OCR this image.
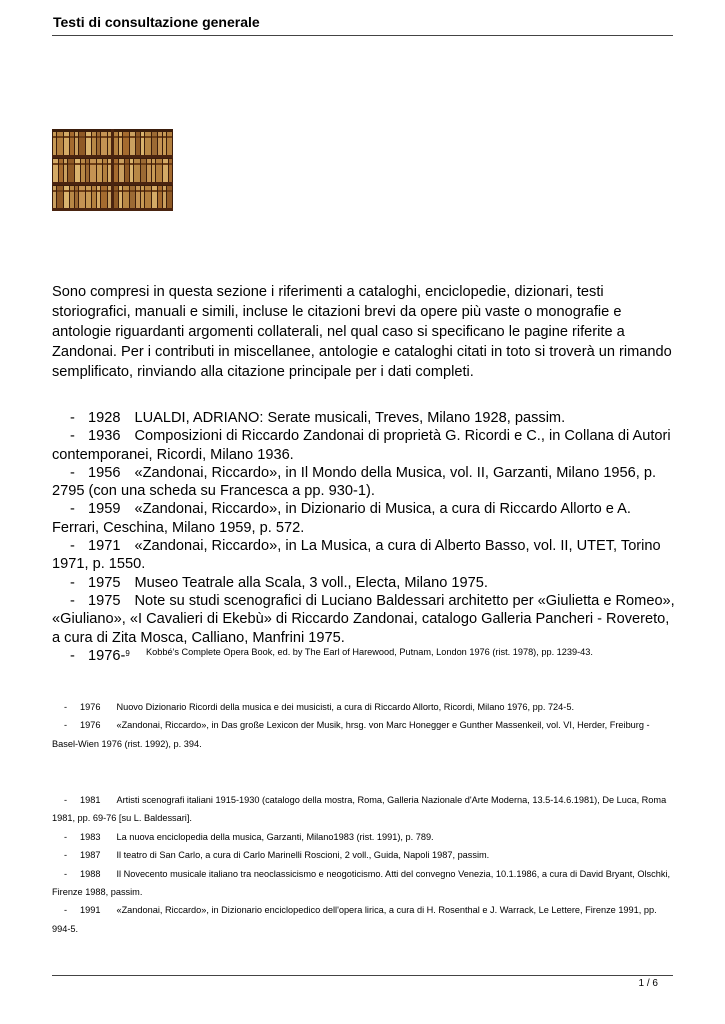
Testi di consultazione generale

Sono compresi in questa sezione i riferimenti a cataloghi, enciclopedie, dizionari, testi storiografici, manuali e simili, incluse le citazioni brevi da opere più vaste o monografie e antologie riguardanti argomenti collaterali, nel qual caso si specificano le pagine riferite a Zandonai. Per i contributi in miscellanee, antologie e cataloghi citati in toto si troverà un rimando semplificato, rinviando alla citazione principale per i dati completi.

- 1928 LUALDI, ADRIANO: Serate musicali, Treves, Milano 1928, passim.

- 1936 Composizioni di Riccardo Zandonai di proprietà G. Ricordi e C., in Collana di Autori contemporanei, Ricordi, Milano 1936.

- 1956 «Zandonai, Riccardo», in Il Mondo della Musica, vol. II, Garzanti, Milano 1956, p. 2795 (con una scheda su Francesca a pp. 930-1).

- 1959 «Zandonai, Riccardo», in Dizionario di Musica, a cura di Riccardo Allorto e A. Ferrari, Ceschina, Milano 1959, p. 572.

- 1971 «Zandonai, Riccardo», in La Musica, a cura di Alberto Basso, vol. II, UTET, Torino 1971, p. 1550.

- 1975 Museo Teatrale alla Scala, 3 voll., Electa, Milano 1975.

- 1975 Note su studi scenografici di Luciano Baldessari architetto per «Giulietta e Romeo», «Giuliano», «I Cavalieri di Ekebù» di Riccardo Zandonai, catalogo Galleria Pancheri - Rovereto, a cura di Zita Mosca, Calliano, Manfrini 1975.

- 1976-$^9$ Kobbé's Complete Opera Book, ed. by The Earl of Harewood, Putnam, London 1976 (rist. 1978), pp. 1239-43.

- 1976 Nuovo Dizionario Ricordi della musica e dei musicisti, a cura di Riccardo Allorto, Ricordi, Milano 1976, pp. 724-5.

- 1976 «Zandonai, Riccardo», in Das große Lexicon der Musik, hrsg. von Marc Honegger e Gunther Massenkeil, vol. VI, Herder, Freiburg - Basel-Wien 1976 (rist. 1992), p. 394.

- 1981 Artisti scenografi italiani 1915-1930 (catalogo della mostra, Roma, Galleria Nazionale d'Arte Moderna, 13.5-14.6.1981), De Luca, Roma 1981, pp. 69-76 [su L. Baldessari].

- 1983 La nuova enciclopedia della musica, Garzanti, Milano1983 (rist. 1991), p. 789.

- 1987 Il teatro di San Carlo, a cura di Carlo Marinelli Roscioni, 2 voll., Guida, Napoli 1987, passim.

- 1988 Il Novecento musicale italiano tra neoclassicismo e neogoticismo. Atti del convegno Venezia, 10.1.1986, a cura di David Bryant, Olschki, Firenze 1988, passim.

- 1991 «Zandonai, Riccardo», in Dizionario enciclopedico dell'opera lirica, a cura di H. Rosenthal e J. Warrack, Le Lettere, Firenze 1991, pp. 994-5.

1 / 6
